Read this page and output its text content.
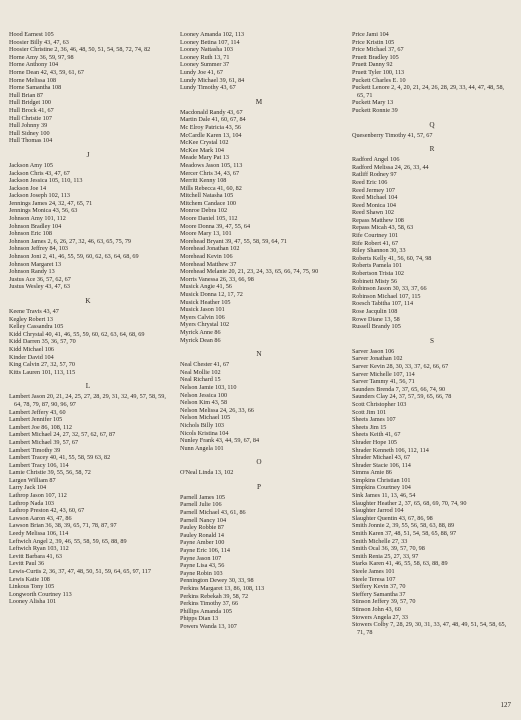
Hood Earnest 105
Hoosier Billy 43, 47, 63
Hoosier Christine 2, 36, 46, 48, 50, 51, 54, 58, 72, 74, 82
Horne Amy 36, 59, 97, 98
Horne Anthony 104
Horne Dean 42, 43, 59, 61, 67
Horne Melissa 108
Horne Samantha 108
Hull Brian 87
Hull Bridget 100
Hull Brock 41, 67
Hull Christie 107
Hull Johnny 39
Hull Sidney 100
Hull Thomas 104
J
Jackson Amy 105
Jackson Chris 43, 47, 67
Jackson Jessica 105, 110, 113
Jackson Joe 14
Jackson Joseph 102, 113
Jennings James 24, 32, 47, 65, 71
Jennings Monica 43, 56, 63
Johnson Amy 101, 112
Johnson Bradley 104
Johnson Eric 108
Johnson James 2, 6, 26, 27, 32, 46, 63, 65, 75, 79
Johnson Jeffrey 84, 103
Johnson Joni 2, 41, 46, 55, 59, 60, 62, 63, 64, 68, 69
Johnson Margaret 13
Johnson Randy 13
Justus Ace 36, 57, 62, 67
Justus Wesley 43, 47, 63
K
Keene Travis 43, 47
Kegley Robert 13
Kelley Cassandra 105
Kidd Chrystal 40, 41, 46, 55, 59, 60, 62, 63, 64, 68, 69
Kidd Darren 35, 36, 57, 70
Kidd Michael 106
Kinder David 104
King Calvin 27, 32, 57, 70
Kitts Lauren 101, 113, 115
L
Lambert Jason 20, 21, 24, 25, 27, 28, 29, 31, 32, 49, 57, 58, 59, 64, 78, 79, 87, 90, 96, 97
Lambert Jeffery 43, 60
Lambert Jennifer 105
Lambert Joe 86, 108, 112
Lambert Michael 24, 27, 32, 57, 62, 67, 87
Lambert Michael 39, 57, 67
Lambert Timothy 39
Lambert Tracey 40, 41, 55, 58, 59 63, 82
Lambert Tracy 106, 114
Lamie Christie 39, 55, 56, 58, 72
Largen William 87
Larry Jack 104
Lathrop Jason 107, 112
Lathrop Nada 103
Lathrop Preston 42, 43, 60, 67
Lawson Aaron 43, 47, 86
Lawson Brian 36, 38, 39, 65, 71, 78, 87, 97
Leedy Melissa 106, 114
Leftwich Angel 2, 39, 46, 55, 58, 59, 65, 88, 89
Leftwich Ryan 103, 112
Levitt Barbara 41, 63
Levitt Paul 36
Lewis-Curtis 2, 36, 37, 47, 48, 50, 51, 59, 64, 65, 97, 117
Lewis Katie 108
Linkous Tony 105
Longworth Courtney 113
Looney Alisha 101
Looney Amanda 102, 113
Looney Betina 107, 114
Looney Nattasha 103
Looney Ruth 13, 71
Looney Summer 37
Lundy Joe 41, 67
Lundy Michael 39, 61, 84
Lundy Timothy 43, 67
M
Macdonald Randy 43, 67
Martin Dale 41, 60, 67, 84
Mc Elroy Patricia 43, 56
McCardle Karen 13, 104
McKee Crystal 102
McKee Mark 104
Meade Mary Pat 13
Meadows Jason 105, 113
Mercer Chris 34, 43, 67
Merritt Kenny 108
Mills Rebecca 41, 60, 82
Mitchell Natasha 105
Mitchem Candace 100
Monroe Debra 102
Moore Daniel 105, 112
Moore Donna 39, 47, 55, 64
Moore Mary 13, 101
Morehead Bryant 39, 47, 55, 58, 59, 64, 71
Morehead Jonathan 102
Morehead Kevin 106
Morehead Matthew 37
Morehead Melanie 20, 21, 23, 24, 33, 65, 66, 74, 75, 90
Morris Vanessa 26, 33, 66, 98
Musick Angie 41, 56
Musick Donna 12, 17, 72
Musick Heather 105
Musick Jason 101
Myers Calvin 106
Myers Chrystal 102
Myrick Anne 86
Myrick Dean 86
N
Neal Chester 41, 67
Neal Mollie 102
Neal Richard 15
Nelson Jamie 103, 110
Nelson Jessica 100
Nelson Kim 43, 58
Nelson Melissa 24, 26, 33, 66
Nelson Michael 105
Nichols Billy 103
Nicols Kristina 104
Nunley Frank 43, 44, 59, 67, 84
Nunn Angela 101
O
O'Neal Linda 13, 102
P
Parnell James 105
Parnell Julie 106
Parnell Michael 43, 61, 86
Parnell Nancy 104
Pauley Robbie 87
Pauley Ronald 14
Payne Amber 100
Payne Eric 106, 114
Payne Jason 107
Payne Lisa 43, 56
Payne Robin 103
Pennington Dewey 30, 33, 98
Perkins Margaret 13, 86, 108, 113
Perkins Rebekah 39, 58, 72
Perkins Timothy 37, 66
Phillips Amanda 105
Phipps Dian 13
Powers Wanda 13, 107
Price Jami 104
Price Kristin 105
Price Michael 37, 67
Pruett Bradley 105
Pruett Danny 92
Pruett Tyler 100, 113
Puckett Charles E. 10
Puckett Lenore 2, 4, 20, 21, 24, 26, 28, 29, 33, 44, 47, 48, 58, 65, 71
Puckett Mary 13
Puckett Ronnie 39
Q
Quesenberry Timothy 41, 57, 67
R
Radford Angel 106
Radford Melissa 24, 26, 33, 44
Ratliff Rodney 97
Reed Eric 106
Reed Jermey 107
Reed Michael 104
Reed Monica 104
Reed Shawn 102
Repass Matthew 108
Repass Micah 43, 58, 63
Rife Courtney 101
Rife Robert 41, 67
Riley Shannon 30, 33
Roberts Kelly 41, 56, 60, 74, 98
Roberts Pamela 101
Robertson Trista 102
Robinett Misty 56
Robinson Jason 30, 33, 37, 66
Robinson Michael 107, 115
Roesch Tabitha 107, 114
Rose Jacqulin 108
Rowe Diane 13, 58
Russell Brandy 105
S
Sarver Jason 106
Sarver Jonathan 102
Sarver Kevin 28, 30, 33, 37, 62, 66, 67
Sarver Michelle 107, 114
Sarver Tammy 41, 56, 71
Saunders Brenda 7, 37, 65, 66, 74, 90
Saunders Clay 24, 37, 57, 59, 65, 66, 78
Scott Christopher 103
Scott Jim 101
Sheets James 107
Sheets Jim 15
Sheets Keith 41, 67
Shrader Hope 105
Shrader Kenneth 106, 112, 114
Shrader Michael 43, 67
Shrader Stacie 106, 114
Simms Amie 86
Simpkins Christian 101
Simpkins Courtney 104
Sink James 11, 13, 46, 54
Slaughter Heather 2, 37, 65, 68, 69, 70, 74, 90
Slaughter Jarrod 104
Slaughter Quentin 43, 67, 86, 98
Smith Jonnie 2, 39, 55, 56, 58, 63, 88, 89
Smith Karen 37, 48, 51, 54, 58, 65, 88, 97
Smith Michelle 27, 33
Smith Ocal 36, 39, 57, 70, 98
Smith Renia 25, 27, 33, 97
Starks Karen 41, 46, 55, 58, 63, 88, 89
Steele James 101
Steele Teresa 107
Steffery Kevin 37, 70
Steffery Samantha 37
Stinson Jeffery 39, 57, 70
Stinson John 43, 60
Stowers Angela 27, 33
Stowers Colby 7, 28, 29, 30, 31, 33, 47, 48, 49, 51, 54, 58, 65, 71, 78
127
